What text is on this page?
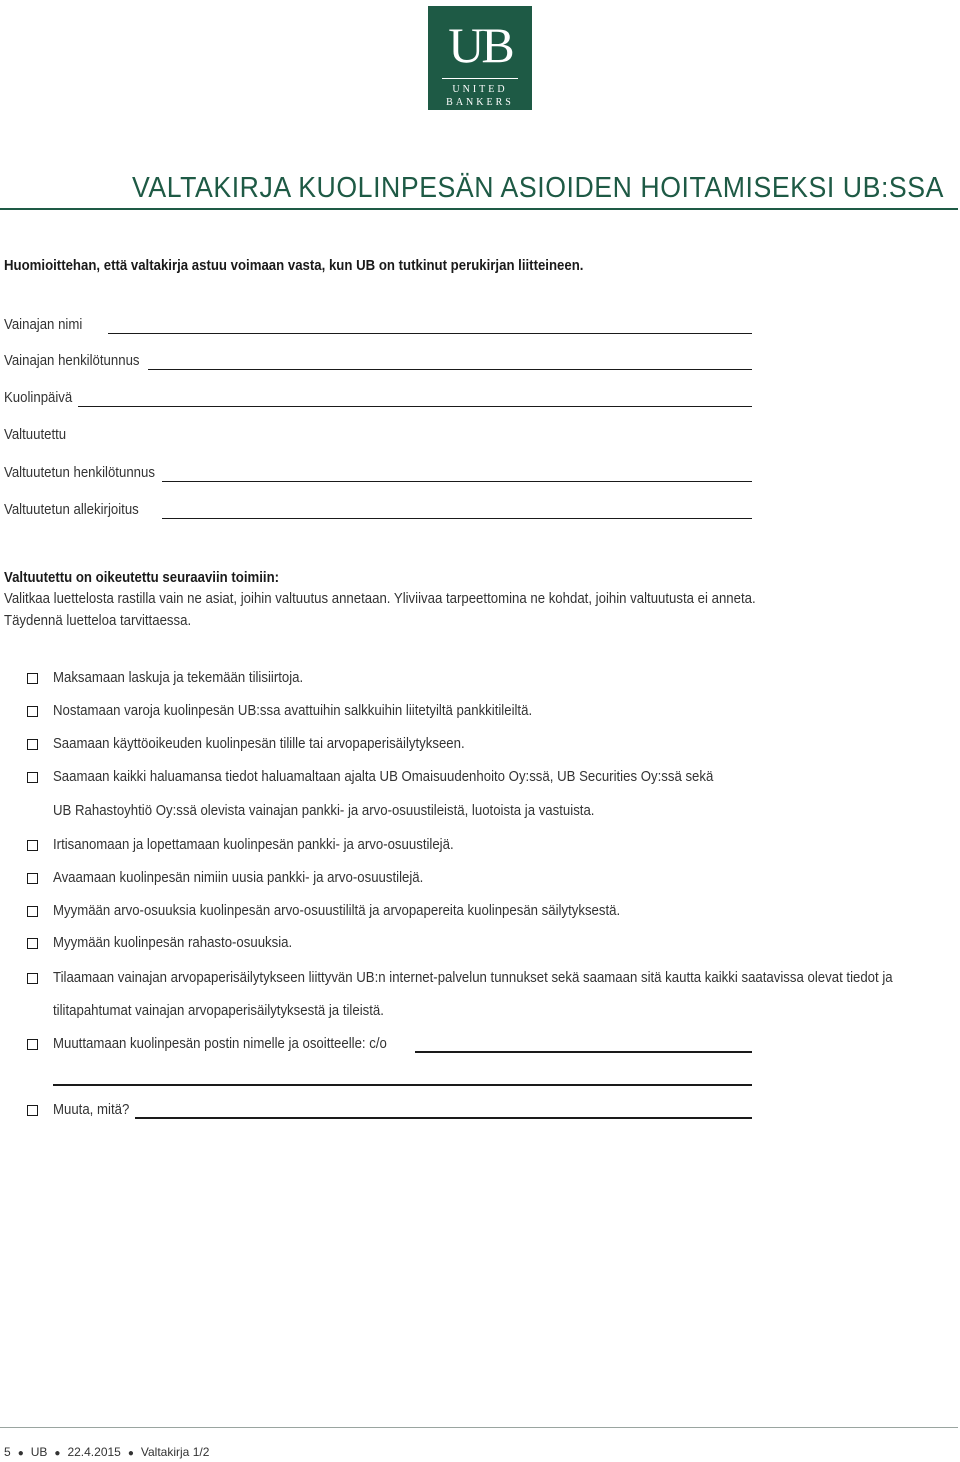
UB
UNITED
BANKERS
VALTAKIRJA KUOLINPESÄN ASIOIDEN HOITAMISEKSI UB:SSA
Huomioittehan, että valtakirja astuu voimaan vasta, kun UB on tutkinut perukirjan liitteineen.
Vainajan nimi
Vainajan henkilötunnus
Kuolinpäivä
Valtuutettu
Valtuutetun henkilötunnus
Valtuutetun allekirjoitus
Valtuutettu on oikeutettu seuraaviin toimiin:
Valitkaa luettelosta rastilla vain ne asiat, joihin valtuutus annetaan. Yliviivaa tarpeettomina ne kohdat, joihin valtuutusta ei anneta.
Täydennä luetteloa tarvittaessa.
Maksamaan laskuja ja tekemään tilisiirtoja.
Nostamaan varoja kuolinpesän UB:ssa avattuihin salkkuihin liitetyiltä pankkitileiltä.
Saamaan käyttöoikeuden kuolinpesän tilille tai arvopaperisäilytykseen.
Saamaan kaikki haluamansa tiedot haluamaltaan ajalta UB Omaisuudenhoito Oy:ssä, UB Securities Oy:ssä sekä
UB Rahastoyhtiö Oy:ssä olevista vainajan pankki- ja arvo-osuustileistä, luotoista ja vastuista.
Irtisanomaan ja lopettamaan kuolinpesän pankki- ja arvo-osuustilejä.
Avaamaan kuolinpesän nimiin uusia pankki- ja arvo-osuustilejä.
Myymään arvo-osuuksia kuolinpesän arvo-osuustililtä ja arvopapereita kuolinpesän säilytyksestä.
Myymään kuolinpesän rahasto-osuuksia.
Tilaamaan vainajan arvopaperisäilytykseen liittyvän UB:n internet-palvelun tunnukset sekä saamaan sitä kautta kaikki saatavissa olevat tiedot ja
tilitapahtumat vainajan arvopaperisäilytyksestä ja tileistä.
Muuttamaan kuolinpesän postin nimelle ja osoitteelle: c/o
Muuta, mitä?
5 ● UB ● 22.4.2015 ● Valtakirja 1/2
